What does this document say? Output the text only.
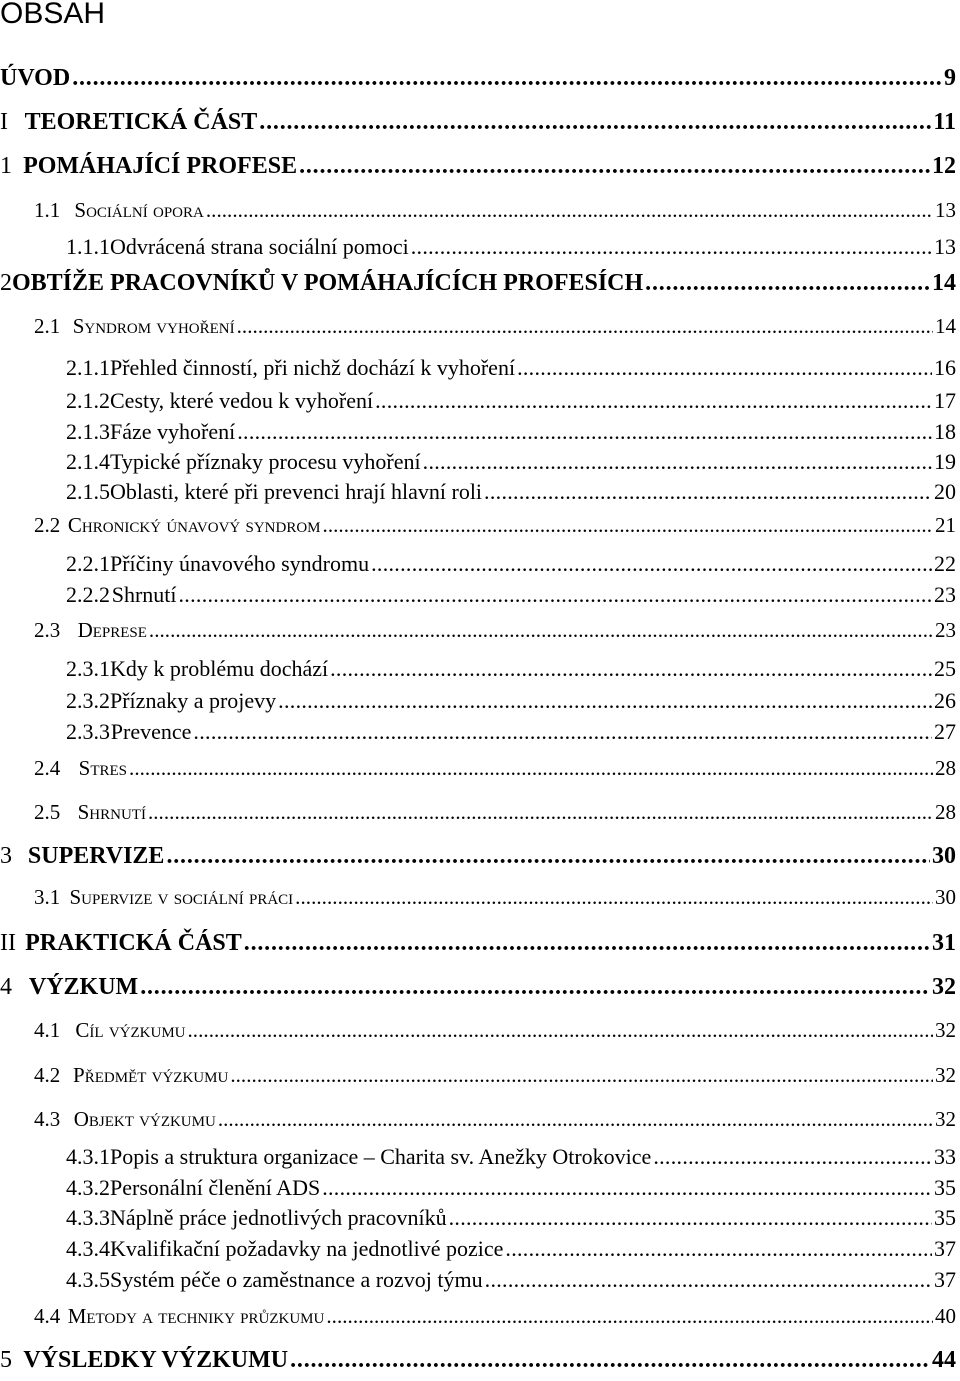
OBSAH
ÚVOD . . .	9
I TEORETICKÁ ČÁST . . .	11
1 POMÁHAJÍCÍ PROFESE . . .	12
1.1 Sociální opora . . .	13
1.1.1 Odvrácená strana sociální pomoci . . .	13
2 OBTÍŽE PRACOVNÍKŮ V POMÁHAJÍCÍCH PROFESÍCH . . .	14
2.1 Syndrom vyhoření . . .	14
2.1.1 Přehled činností, při nichž dochází k vyhoření . . .	16
2.1.2 Cesty, které vedou k vyhoření . . .	17
2.1.3 Fáze vyhoření . . .	18
2.1.4 Typické příznaky procesu vyhoření . . .	19
2.1.5 Oblasti, které při prevenci hrají hlavní roli . . .	20
2.2 Chronický únavový syndrom . . .	21
2.2.1 Příčiny únavového syndromu . . .	22
2.2.2 Shrnutí . . .	23
2.3 Deprese . . .	23
2.3.1 Kdy k problému dochází . . .	25
2.3.2 Příznaky a projevy . . .	26
2.3.3 Prevence . . .	27
2.4 Stres . . .	28
2.5 Shrnutí . . .	28
3 SUPERVIZE . . .	30
3.1 Supervize v sociální práci . . .	30
II PRAKTICKÁ ČÁST . . .	31
4 VÝZKUM . . .	32
4.1 Cíl výzkumu . . .	32
4.2 Předmět výzkumu . . .	32
4.3 Objekt výzkumu . . .	32
4.3.1 Popis a struktura organizace – Charita sv. Anežky Otrokovice . . .	33
4.3.2 Personální členění ADS . . .	35
4.3.3 Náplně práce jednotlivých pracovníků . . .	35
4.3.4 Kvalifikační požadavky na jednotlivé pozice . . .	37
4.3.5 Systém péče o zaměstnance a rozvoj týmu . . .	37
4.4 Metody a techniky průzkumu . . .	40
5 VÝSLEDKY VÝZKUMU . . .	44
